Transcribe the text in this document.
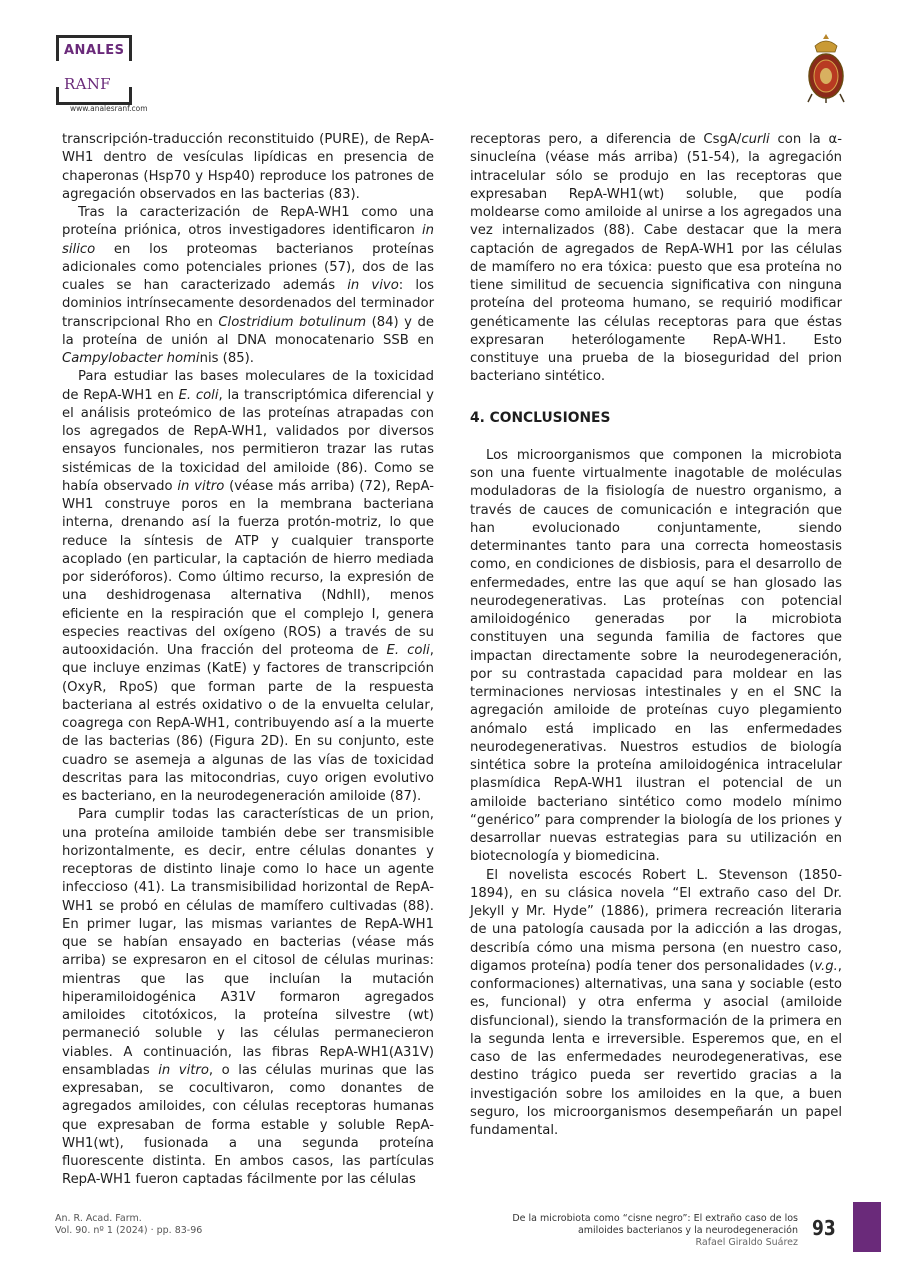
ANALES
RANF
www.analesranf.com

transcripción-traducción reconstituido (PURE), de RepA-WH1 dentro de vesículas lipídicas en presencia de chaperonas (Hsp70 y Hsp40) reproduce los patrones de agregación observados en las bacterias (83).

Tras la caracterización de RepA-WH1 como una proteína priónica, otros investigadores identificaron in silico en los proteomas bacterianos proteínas adicionales como potenciales priones (57), dos de las cuales se han caracterizado además in vivo: los dominios intrínsecamente desordenados del terminador transcripcional Rho en Clostridium botulinum (84) y de la proteína de unión al DNA monocatenario SSB en Campylobacter hominis (85).

Para estudiar las bases moleculares de la toxicidad de RepA-WH1 en E. coli, la transcriptómica diferencial y el análisis proteómico de las proteínas atrapadas con los agregados de RepA-WH1, validados por diversos ensayos funcionales, nos permitieron trazar las rutas sistémicas de la toxicidad del amiloide (86). Como se había observado in vitro (véase más arriba) (72), RepA-WH1 construye poros en la membrana bacteriana interna, drenando así la fuerza protón-motriz, lo que reduce la síntesis de ATP y cualquier transporte acoplado (en particular, la captación de hierro mediada por sideróforos). Como último recurso, la expresión de una deshidrogenasa alternativa (NdhII), menos eficiente en la respiración que el complejo I, genera especies reactivas del oxígeno (ROS) a través de su autooxidación. Una fracción del proteoma de E. coli, que incluye enzimas (KatE) y factores de transcripción (OxyR, RpoS) que forman parte de la respuesta bacteriana al estrés oxidativo o de la envuelta celular, coagrega con RepA-WH1, contribuyendo así a la muerte de las bacterias (86) (Figura 2D). En su conjunto, este cuadro se asemeja a algunas de las vías de toxicidad descritas para las mitocondrias, cuyo origen evolutivo es bacteriano, en la neurodegeneración amiloide (87).

Para cumplir todas las características de un prion, una proteína amiloide también debe ser transmisible horizontalmente, es decir, entre células donantes y receptoras de distinto linaje como lo hace un agente infeccioso (41). La transmisibilidad horizontal de RepA-WH1 se probó en células de mamífero cultivadas (88). En primer lugar, las mismas variantes de RepA-WH1 que se habían ensayado en bacterias (véase más arriba) se expresaron en el citosol de células murinas: mientras que las que incluían la mutación hiperamiloidogénica A31V formaron agregados amiloides citotóxicos, la proteína silvestre (wt) permaneció soluble y las células permanecieron viables. A continuación, las fibras RepA-WH1(A31V) ensambladas in vitro, o las células murinas que las expresaban, se cocultivaron, como donantes de agregados amiloides, con células receptoras humanas que expresaban de forma estable y soluble RepA-WH1(wt), fusionada a una segunda proteína fluorescente distinta. En ambos casos, las partículas RepA-WH1 fueron captadas fácilmente por las células

receptoras pero, a diferencia de CsgA/curli con la α-sinucleína (véase más arriba) (51-54), la agregación intracelular sólo se produjo en las receptoras que expresaban RepA-WH1(wt) soluble, que podía moldearse como amiloide al unirse a los agregados una vez internalizados (88). Cabe destacar que la mera captación de agregados de RepA-WH1 por las células de mamífero no era tóxica: puesto que esa proteína no tiene similitud de secuencia significativa con ninguna proteína del proteoma humano, se requirió modificar genéticamente las células receptoras para que éstas expresaran heterólogamente RepA-WH1. Esto constituye una prueba de la bioseguridad del prion bacteriano sintético.

4. CONCLUSIONES

Los microorganismos que componen la microbiota son una fuente virtualmente inagotable de moléculas moduladoras de la fisiología de nuestro organismo, a través de cauces de comunicación e integración que han evolucionado conjuntamente, siendo determinantes tanto para una correcta homeostasis como, en condiciones de disbiosis, para el desarrollo de enfermedades, entre las que aquí se han glosado las neurodegenerativas. Las proteínas con potencial amiloidogénico generadas por la microbiota constituyen una segunda familia de factores que impactan directamente sobre la neurodegeneración, por su contrastada capacidad para moldear en las terminaciones nerviosas intestinales y en el SNC la agregación amiloide de proteínas cuyo plegamiento anómalo está implicado en las enfermedades neurodegenerativas. Nuestros estudios de biología sintética sobre la proteína amiloidogénica intracelular plasmídica RepA-WH1 ilustran el potencial de un amiloide bacteriano sintético como modelo mínimo “genérico” para comprender la biología de los priones y desarrollar nuevas estrategias para su utilización en biotecnología y biomedicina.

El novelista escocés Robert L. Stevenson (1850-1894), en su clásica novela “El extraño caso del Dr. Jekyll y Mr. Hyde” (1886), primera recreación literaria de una patología causada por la adicción a las drogas, describía cómo una misma persona (en nuestro caso, digamos proteína) podía tener dos personalidades (v.g., conformaciones) alternativas, una sana y sociable (esto es, funcional) y otra enferma y asocial (amiloide disfuncional), siendo la transformación de la primera en la segunda lenta e irreversible. Esperemos que, en el caso de las enfermedades neurodegenerativas, ese destino trágico pueda ser revertido gracias a la investigación sobre los amiloides en la que, a buen seguro, los microorganismos desempeñarán un papel fundamental.

An. R. Acad. Farm.
Vol. 90. nº 1 (2024) · pp. 83-96
De la microbiota como “cisne negro”: El extraño caso de los
amiloides bacterianos y la neurodegeneración
Rafael Giraldo Suárez
93
